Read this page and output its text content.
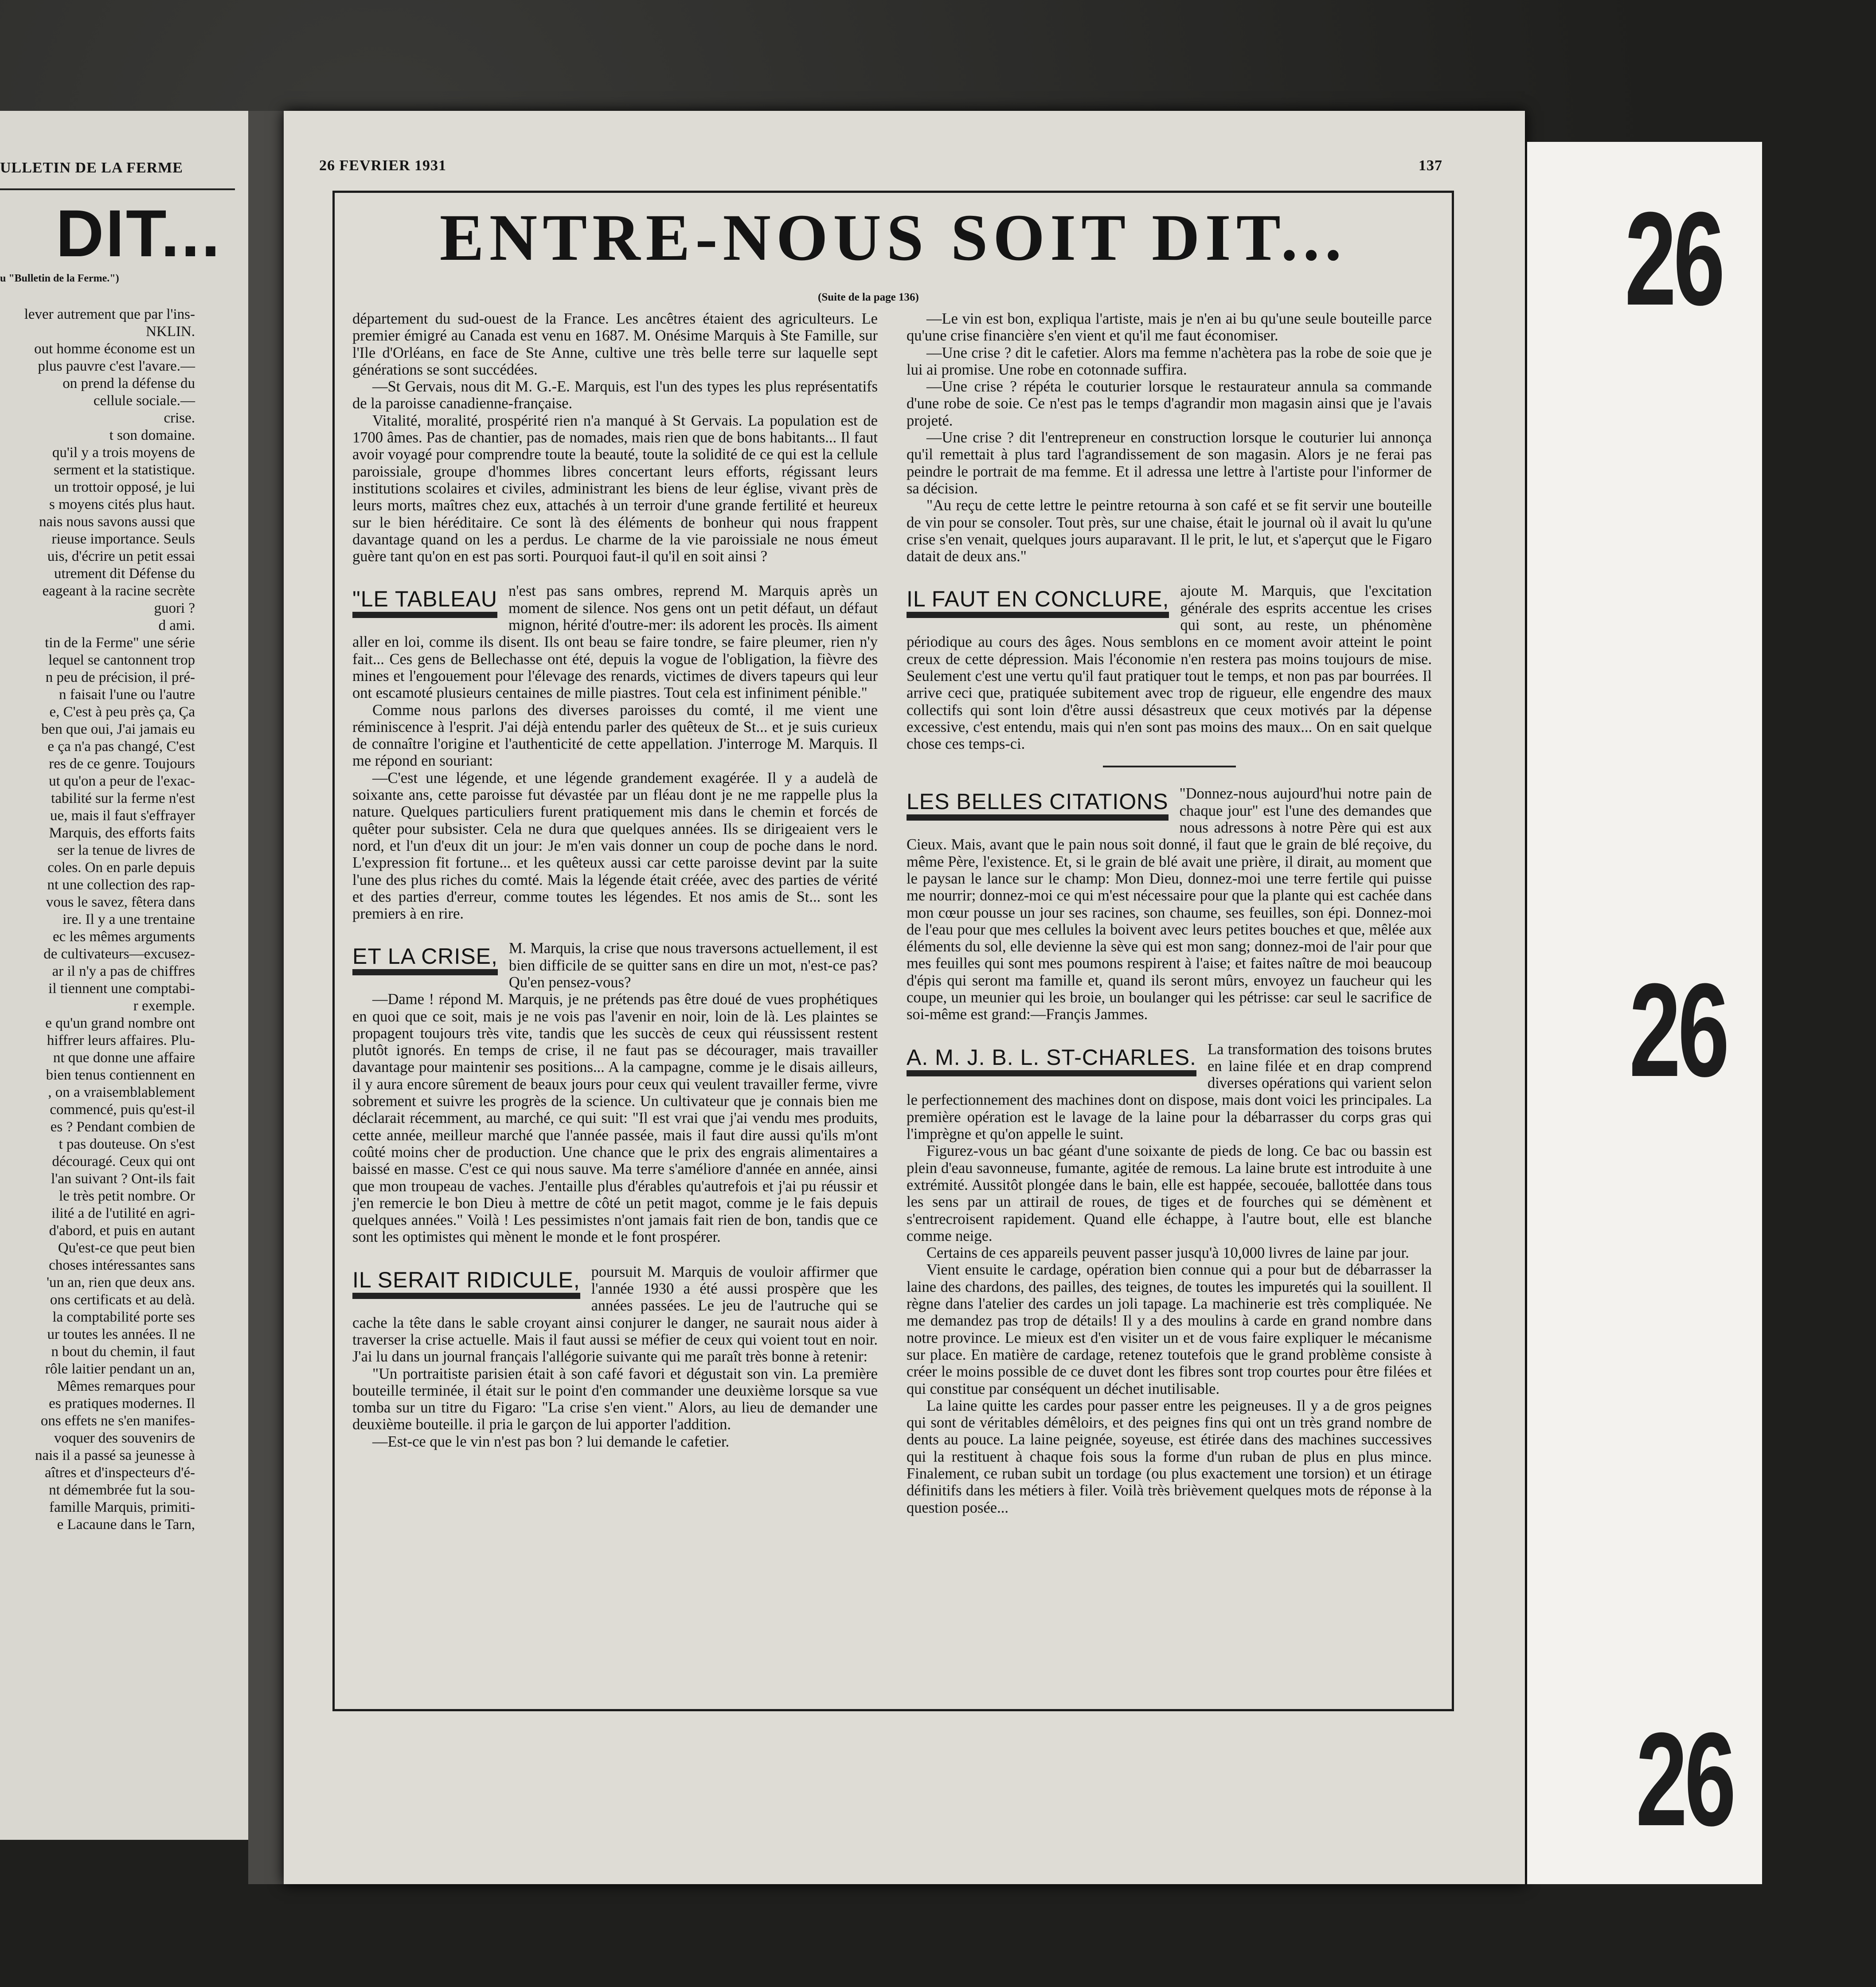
ULLETIN DE LA FERME
DIT...
u "Bulletin de la Ferme.")
lever autrement que par l'ins-
NKLIN.
out homme économe est un
plus pauvre c'est l'avare.—
on prend la défense du
cellule sociale.—
crise.
t son domaine.
qu'il y a trois moyens de
serment et la statistique.
un trottoir opposé, je lui
s moyens cités plus haut.
nais nous savons aussi que
rieuse importance. Seuls
uis, d'écrire un petit essai
utrement dit Défense du
eageant à la racine secrète
guori ?
d ami.
tin de la Ferme" une série
lequel se cantonnent trop
n peu de précision, il pré-
n faisait l'une ou l'autre
e, C'est à peu près ça, Ça
ben que oui, J'ai jamais eu
e ça n'a pas changé, C'est
res de ce genre. Toujours
ut qu'on a peur de l'exac-
tabilité sur la ferme n'est
ue, mais il faut s'effrayer
Marquis, des efforts faits
ser la tenue de livres de
coles. On en parle depuis
nt une collection des rap-
vous le savez, fêtera dans
ire. Il y a une trentaine
ec les mêmes arguments
de cultivateurs—excusez-
ar il n'y a pas de chiffres
il tiennent une comptabi-
r exemple.
e qu'un grand nombre ont
hiffrer leurs affaires. Plu-
nt que donne une affaire
bien tenus contiennent en
, on a vraisemblablement
commencé, puis qu'est-il
es ? Pendant combien de
t pas douteuse. On s'est
découragé. Ceux qui ont
l'an suivant ? Ont-ils fait
le très petit nombre. Or
ilité a de l'utilité en agri-
d'abord, et puis en autant
Qu'est-ce que peut bien
choses intéressantes sans
'un an, rien que deux ans.
ons certificats et au delà.
la comptabilité porte ses
ur toutes les années. Il ne
n bout du chemin, il faut
rôle laitier pendant un an,
Mêmes remarques pour
es pratiques modernes. Il
ons effets ne s'en manifes-
voquer des souvenirs de
nais il a passé sa jeunesse à
aîtres et d'inspecteurs d'é-
nt démembrée fut la sou-
famille Marquis, primiti-
e Lacaune dans le Tarn,
26 FEVRIER 1931	137
ENTRE-NOUS SOIT DIT...
(Suite de la page 136)

département du sud-ouest de la France. Les ancêtres étaient des agriculteurs. Le premier émigré au Canada est venu en 1687. M. Onésime Marquis à Ste Famille, sur l'Ile d'Orléans, en face de Ste Anne, cultive une très belle terre sur laquelle sept générations se sont succédées.

—St Gervais, nous dit M. G.-E. Marquis, est l'un des types les plus représentatifs de la paroisse canadienne-française.

Vitalité, moralité, prospérité rien n'a manqué à St Gervais. La population est de 1700 âmes. Pas de chantier, pas de nomades, mais rien que de bons habitants... Il faut avoir voyagé pour comprendre toute la beauté, toute la solidité de ce qui est la cellule paroissiale, groupe d'hommes libres concertant leurs efforts, régissant leurs institutions scolaires et civiles, administrant les biens de leur église, vivant près de leurs morts, maîtres chez eux, attachés à un terroir d'une grande fertilité et heureux sur le bien héréditaire. Ce sont là des éléments de bonheur qui nous frappent davantage quand on les a perdus. Le charme de la vie paroissiale ne nous émeut guère tant qu'on en est pas sorti. Pourquoi faut-il qu'il en soit ainsi ?

"LE TABLEAU n'est pas sans ombres, reprend M. Marquis après un moment de silence. Nos gens ont un petit défaut, un défaut mignon, hérité d'outre-mer: ils adorent les procès. Ils aiment aller en loi, comme ils disent. Ils ont beau se faire tondre, se faire pleumer, rien n'y fait... Ces gens de Bellechasse ont été, depuis la vogue de l'obligation, la fièvre des mines et l'engouement pour l'élevage des renards, victimes de divers tapeurs qui leur ont escamoté plusieurs centaines de mille piastres. Tout cela est infiniment pénible."

Comme nous parlons des diverses paroisses du comté, il me vient une réminiscence à l'esprit. J'ai déjà entendu parler des quêteux de St... et je suis curieux de connaître l'origine et l'authenticité de cette appellation. J'interroge M. Marquis. Il me répond en souriant:

—C'est une légende, et une légende grandement exagérée. Il y a audelà de soixante ans, cette paroisse fut dévastée par un fléau dont je ne me rappelle plus la nature. Quelques particuliers furent pratiquement mis dans le chemin et forcés de quêter pour subsister. Cela ne dura que quelques années. Ils se dirigeaient vers le nord, et l'un d'eux dit un jour: Je m'en vais donner un coup de poche dans le nord. L'expression fit fortune... et les quêteux aussi car cette paroisse devint par la suite l'une des plus riches du comté. Mais la légende était créée, avec des parties de vérité et des parties d'erreur, comme toutes les légendes. Et nos amis de St... sont les premiers à en rire.

ET LA CRISE, M. Marquis, la crise que nous traversons actuellement, il est bien difficile de se quitter sans en dire un mot, n'est-ce pas? Qu'en pensez-vous?

—Dame ! répond M. Marquis, je ne prétends pas être doué de vues prophétiques en quoi que ce soit, mais je ne vois pas l'avenir en noir, loin de là. Les plaintes se propagent toujours très vite, tandis que les succès de ceux qui réussissent restent plutôt ignorés. En temps de crise, il ne faut pas se décourager, mais travailler davantage pour maintenir ses positions... A la campagne, comme je le disais ailleurs, il y aura encore sûrement de beaux jours pour ceux qui veulent travailler ferme, vivre sobrement et suivre les progrès de la science. Un cultivateur que je connais bien me déclarait récemment, au marché, ce qui suit: "Il est vrai que j'ai vendu mes produits, cette année, meilleur marché que l'année passée, mais il faut dire aussi qu'ils m'ont coûté moins cher de production. Une chance que le prix des engrais alimentaires a baissé en masse. C'est ce qui nous sauve. Ma terre s'améliore d'année en année, ainsi que mon troupeau de vaches. J'entaille plus d'érables qu'autrefois et j'ai pu réussir et j'en remercie le bon Dieu à mettre de côté un petit magot, comme je le fais depuis quelques années." Voilà ! Les pessimistes n'ont jamais fait rien de bon, tandis que ce sont les optimistes qui mènent le monde et le font prospérer.

IL SERAIT RIDICULE, poursuit M. Marquis de vouloir affirmer que l'année 1930 a été aussi prospère que les années passées. Le jeu de l'autruche qui se cache la tête dans le sable croyant ainsi conjurer le danger, ne saurait nous aider à traverser la crise actuelle. Mais il faut aussi se méfier de ceux qui voient tout en noir. J'ai lu dans un journal français l'allégorie suivante qui me paraît très bonne à retenir:

"Un portraitiste parisien était à son café favori et dégustait son vin. La première bouteille terminée, il était sur le point d'en commander une deuxième lorsque sa vue tomba sur un titre du Figaro: "La crise s'en vient." Alors, au lieu de demander une deuxième bouteille. il pria le garçon de lui apporter l'addition.

—Est-ce que le vin n'est pas bon ? lui demande le cafetier.

—Le vin est bon, expliqua l'artiste, mais je n'en ai bu qu'une seule bouteille parce qu'une crise financière s'en vient et qu'il me faut économiser.

—Une crise ? dit le cafetier. Alors ma femme n'achètera pas la robe de soie que je lui ai promise. Une robe en cotonnade suffira.

—Une crise ? répéta le couturier lorsque le restaurateur annula sa commande d'une robe de soie. Ce n'est pas le temps d'agrandir mon magasin ainsi que je l'avais projeté.

—Une crise ? dit l'entrepreneur en construction lorsque le couturier lui annonça qu'il remettait à plus tard l'agrandissement de son magasin. Alors je ne ferai pas peindre le portrait de ma femme. Et il adressa une lettre à l'artiste pour l'informer de sa décision.

"Au reçu de cette lettre le peintre retourna à son café et se fit servir une bouteille de vin pour se consoler. Tout près, sur une chaise, était le journal où il avait lu qu'une crise s'en venait, quelques jours auparavant. Il le prit, le lut, et s'aperçut que le Figaro datait de deux ans."

IL FAUT EN CONCLURE, ajoute M. Marquis, que l'excitation générale des esprits accentue les crises qui sont, au reste, un phénomène périodique au cours des âges. Nous semblons en ce moment avoir atteint le point creux de cette dépression. Mais l'économie n'en restera pas moins toujours de mise. Seulement c'est une vertu qu'il faut pratiquer tout le temps, et non pas par bourrées. Il arrive ceci que, pratiquée subitement avec trop de rigueur, elle engendre des maux collectifs qui sont loin d'être aussi désastreux que ceux motivés par la dépense excessive, c'est entendu, mais qui n'en sont pas moins des maux... On en sait quelque chose ces temps-ci.
LES BELLES CITATIONS "Donnez-nous aujourd'hui notre pain de chaque jour" est l'une des demandes que nous adressons à notre Père qui est aux Cieux. Mais, avant que le pain nous soit donné, il faut que le grain de blé reçoive, du même Père, l'existence. Et, si le grain de blé avait une prière, il dirait, au moment que le paysan le lance sur le champ: Mon Dieu, donnez-moi une terre fertile qui puisse me nourrir; donnez-moi ce qui m'est nécessaire pour que la plante qui est cachée dans mon cœur pousse un jour ses racines, son chaume, ses feuilles, son épi. Donnez-moi de l'eau pour que mes cellules la boivent avec leurs petites bouches et que, mêlée aux éléments du sol, elle devienne la sève qui est mon sang; donnez-moi de l'air pour que mes feuilles qui sont mes poumons respirent à l'aise; et faites naître de moi beaucoup d'épis qui seront ma famille et, quand ils seront mûrs, envoyez un faucheur qui les coupe, un meunier qui les broie, un boulanger qui les pétrisse: car seul le sacrifice de soi-même est grand:—Françis Jammes.
A. M. J. B. L. ST-CHARLES. La transformation des toisons brutes en laine filée et en drap comprend diverses opérations qui varient selon le perfectionnement des machines dont on dispose, mais dont voici les principales. La première opération est le lavage de la laine pour la débarrasser du corps gras qui l'imprègne et qu'on appelle le suint.

Figurez-vous un bac géant d'une soixante de pieds de long. Ce bac ou bassin est plein d'eau savonneuse, fumante, agitée de remous. La laine brute est introduite à une extrémité. Aussitôt plongée dans le bain, elle est happée, secouée, ballottée dans tous les sens par un attirail de roues, de tiges et de fourches qui se démènent et s'entrecroisent rapidement. Quand elle échappe, à l'autre bout, elle est blanche comme neige.

Certains de ces appareils peuvent passer jusqu'à 10,000 livres de laine par jour.

Vient ensuite le cardage, opération bien connue qui a pour but de débarrasser la laine des chardons, des pailles, des teignes, de toutes les impuretés qui la souillent. Il règne dans l'atelier des cardes un joli tapage. La machinerie est très compliquée. Ne me demandez pas trop de détails! Il y a des moulins à carde en grand nombre dans notre province. Le mieux est d'en visiter un et de vous faire expliquer le mécanisme sur place. En matière de cardage, retenez toutefois que le grand problème consiste à créer le moins possible de ce duvet dont les fibres sont trop courtes pour être filées et qui constitue par conséquent un déchet inutilisable.

La laine quitte les cardes pour passer entre les peigneuses. Il y a de gros peignes qui sont de véritables démêloirs, et des peignes fins qui ont un très grand nombre de dents au pouce. La laine peignée, soyeuse, est étirée dans des machines successives qui la restituent à chaque fois sous la forme d'un ruban de plus en plus mince. Finalement, ce ruban subit un tordage (ou plus exactement une torsion) et un étirage définitifs dans les métiers à filer. Voilà très brièvement quelques mots de réponse à la question posée...

26
26
26
